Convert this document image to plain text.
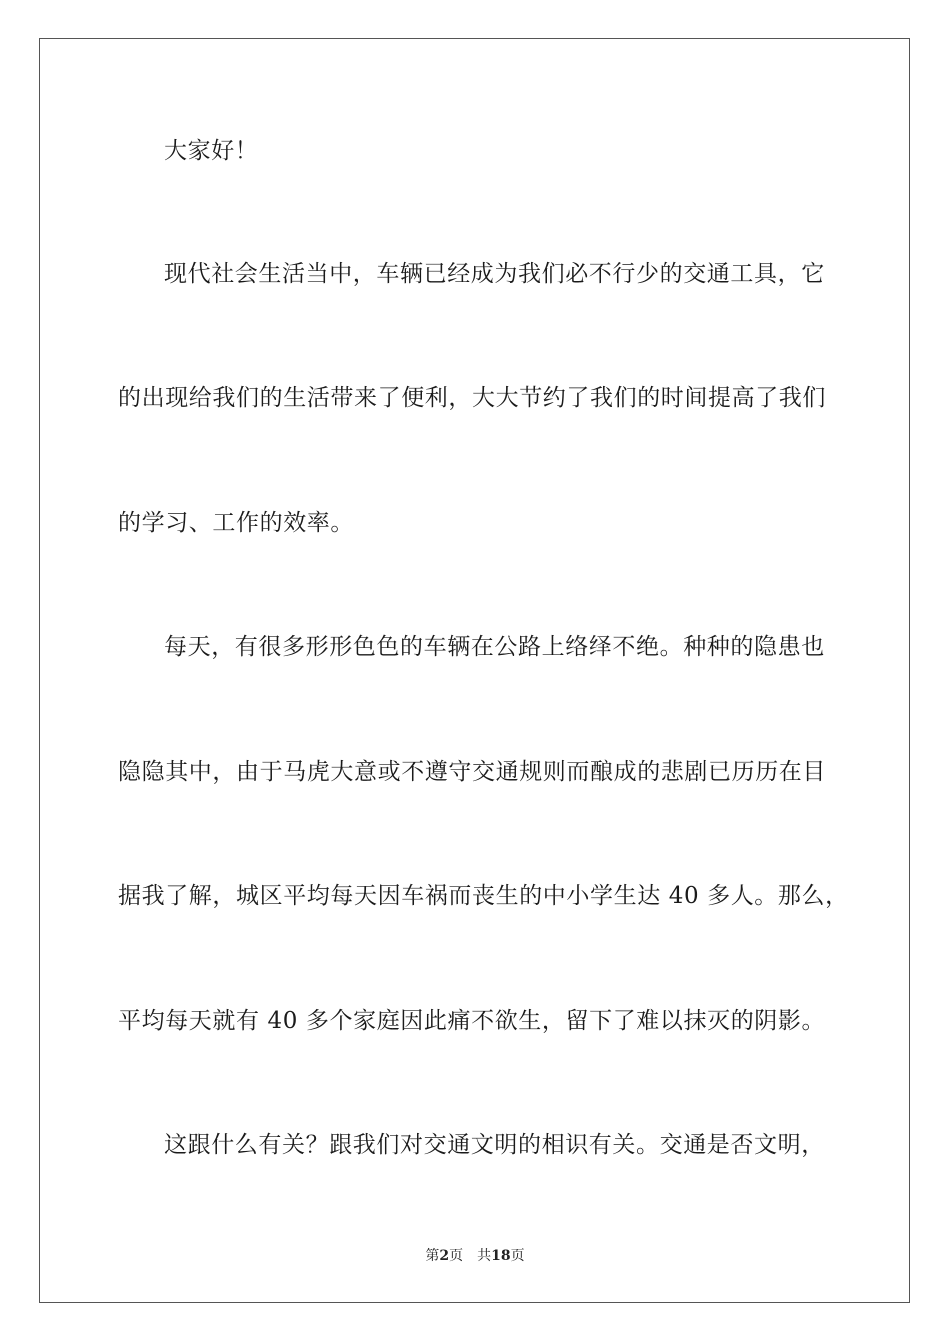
大家好！
现代社会生活当中，车辆已经成为我们必不行少的交通工具，它
的出现给我们的生活带来了便利，大大节约了我们的时间提高了我们
的学习、工作的效率。
每天，有很多形形色色的车辆在公路上络绎不绝。种种的隐患也
隐隐其中，由于马虎大意或不遵守交通规则而酿成的悲剧已历历在目
据我了解，城区平均每天因车祸而丧生的中小学生达 40 多人。那么，
平均每天就有 40 多个家庭因此痛不欲生，留下了难以抹灭的阴影。
这跟什么有关？跟我们对交通文明的相识有关。交通是否文明，
第2页 共18页
